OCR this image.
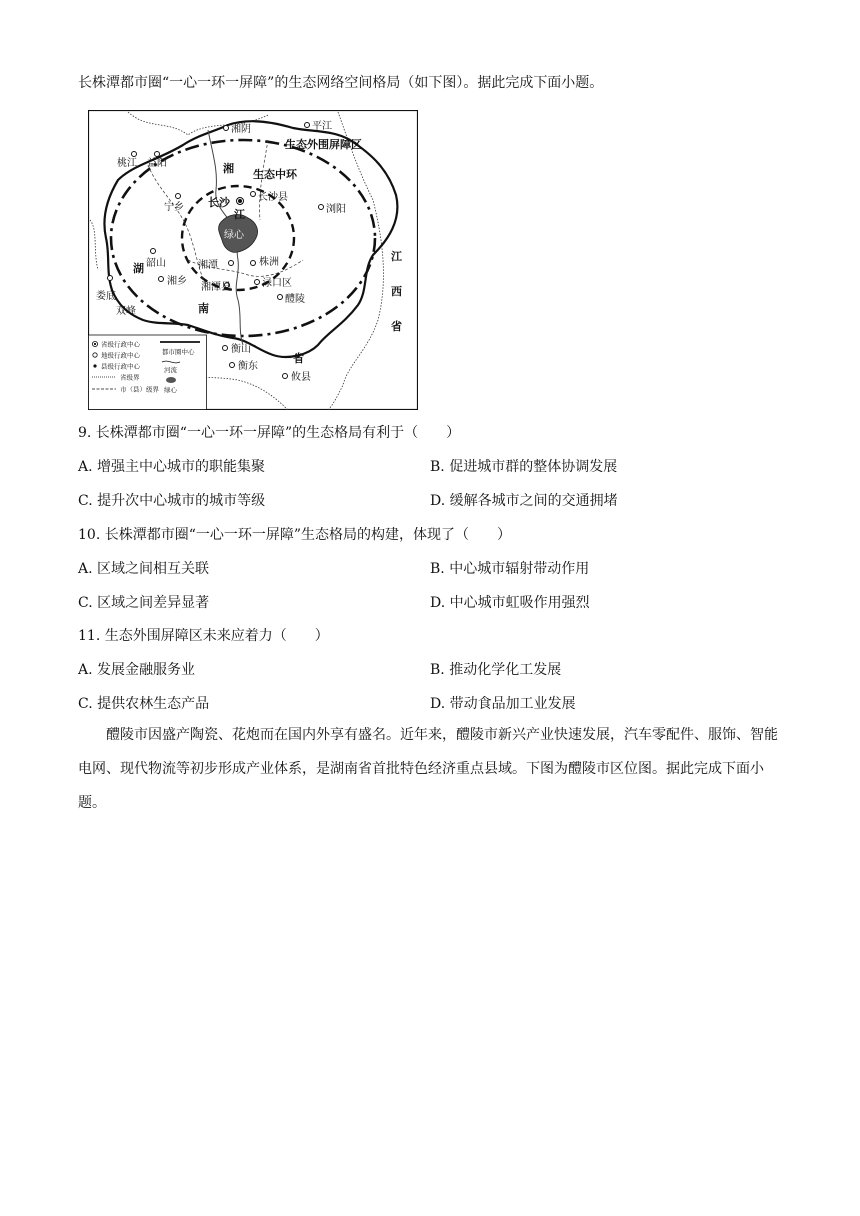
长株潭都市圈“一心一环一屏障”的生态网络空间格局（如下图）。据此完成下面小题。
湘阴	平江
桃江 益阳
宁乡 长沙	长沙县
浏阳
韶山	湘潭	株洲
湘乡
湘潭县	渌口区
娄底
双峰
醴陵
衡山
衡东
攸县
生态外围屏障区
生态中环
绿心
湘
江
湖
南
省
江
西
省
省级行政中心
地级行政中心
县级行政中心
省级界
市（县）级界
都市圈中心
河流
绿心
9. 长株潭都市圈“一心一环一屏障”的生态格局有利于（　　）
A. 增强主中心城市的职能集聚	B. 促进城市群的整体协调发展
C. 提升次中心城市的城市等级	D. 缓解各城市之间的交通拥堵
10. 长株潭都市圈“一心一环一屏障”生态格局的构建，体现了（　　）
A. 区域之间相互关联	B. 中心城市辐射带动作用
C. 区域之间差异显著	D. 中心城市虹吸作用强烈
11. 生态外围屏障区未来应着力（　　）
A. 发展金融服务业	B. 推动化学化工发展
C. 提供农林生态产品	D. 带动食品加工业发展
醴陵市因盛产陶瓷、花炮而在国内外享有盛名。近年来，醴陵市新兴产业快速发展，汽车零配件、服饰、智能电网、现代物流等初步形成产业体系，是湖南省首批特色经济重点县域。下图为醴陵市区位图。据此完成下面小题。
